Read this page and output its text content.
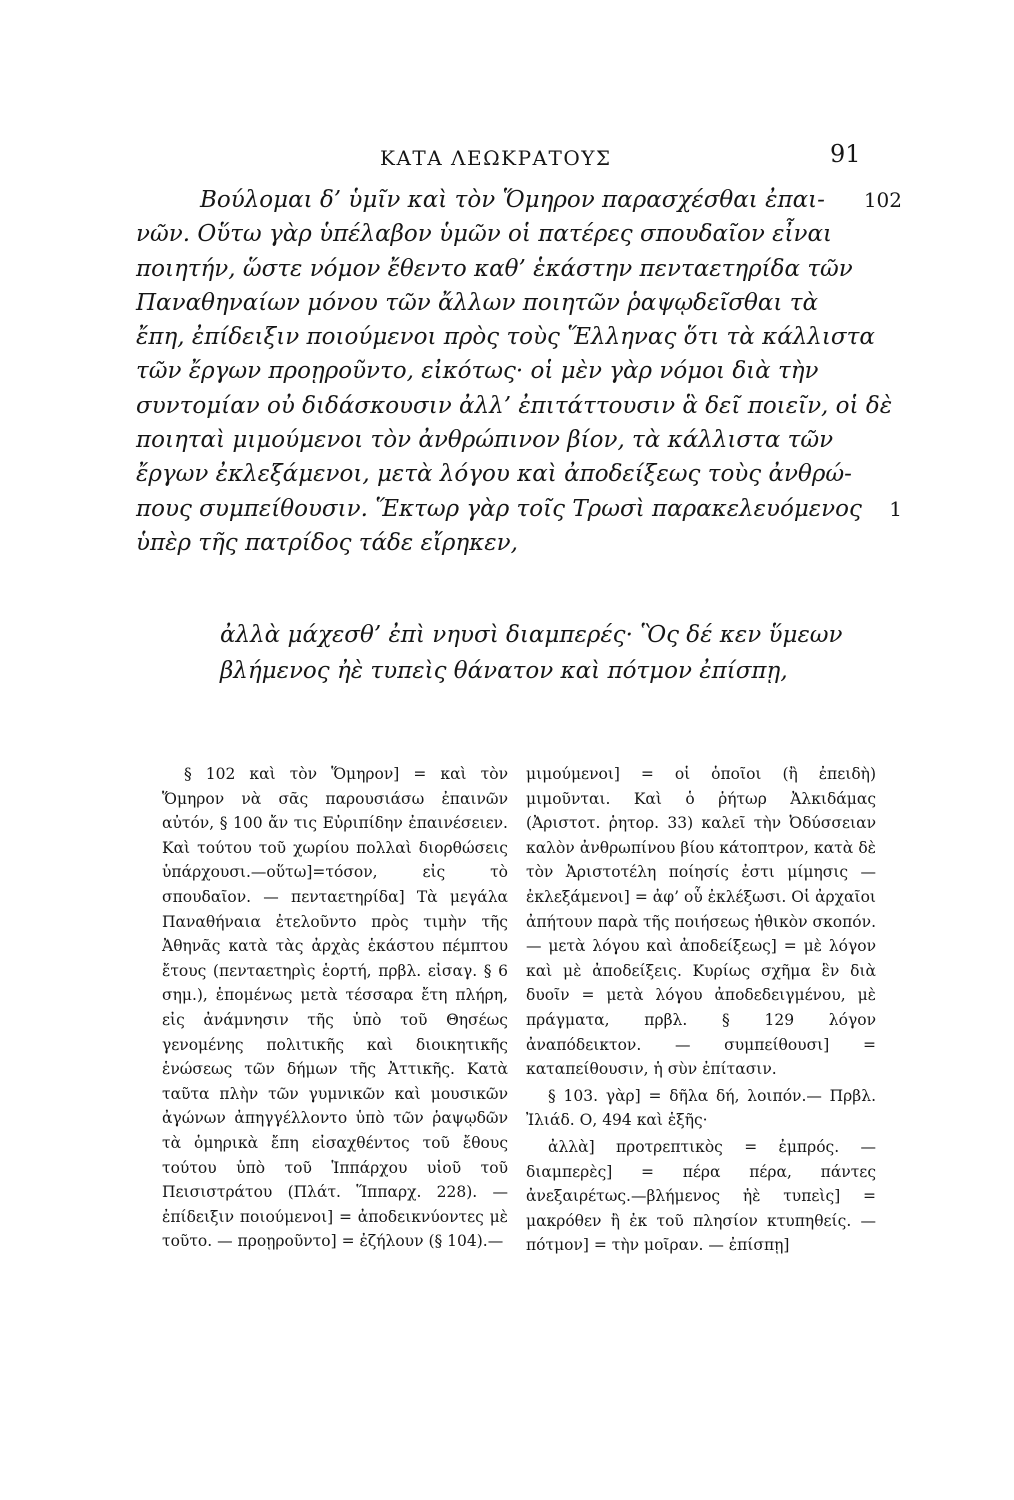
ΚΑΤΑ ΛΕΩΚΡΑΤΟΥΣ	91
Βούλομαι δ’ ὑμῖν καὶ τὸν Ὅμηρον παρασχέσθαι ἐπαι- 102
νῶν. Οὕτω γὰρ ὑπέλαβον ὑμῶν οἱ πατέρες σπουδαῖον εἶναι
ποιητήν, ὥστε νόμον ἔθεντο καθ’ ἑκάστην πενταετηρίδα τῶν
Παναθηναίων μόνου τῶν ἄλλων ποιητῶν ῥαψῳδεῖσθαι τὰ
ἔπη, ἐπίδειξιν ποιούμενοι πρὸς τοὺς Ἕλληνας ὅτι τὰ κάλλιστα
τῶν ἔργων προῃροῦντο, εἰκότως· οἱ μὲν γὰρ νόμοι διὰ τὴν
συντομίαν οὐ διδάσκουσιν ἀλλ’ ἐπιτάττουσιν ἃ δεῖ ποιεῖν, οἱ δὲ
ποιηταὶ μιμούμενοι τὸν ἀνθρώπινον βίον, τὰ κάλλιστα τῶν
ἔργων ἐκλεξάμενοι, μετὰ λόγου καὶ ἀποδείξεως τοὺς ἀνθρώ-
πους συμπείθουσιν. Ἕκτωρ γὰρ τοῖς Τρωσὶ παρακελευόμενος 1
ὑπὲρ τῆς πατρίδος τάδε εἴρηκεν,
ἀλλὰ μάχεσθ’ ἐπὶ νηυσὶ διαμπερές· Ὃς δέ κεν ὕμεων
βλήμενος ἠὲ τυπεὶς θάνατον καὶ πότμον ἐπίσπῃ,

§ 102 καὶ τὸν Ὅμηρον] = καὶ τὸν Ὅμηρον νὰ σᾶς παρουσιάσω ἐπαινῶν αὐτόν, § 100 ἄν τις Εὐριπίδην ἐπαινέσειεν. Καὶ τούτου τοῦ χωρίου πολλαὶ διορθώσεις ὑπάρχουσι.—οὕτω]=τόσον, εἰς τὸ σπουδαῖον. — πενταετηρίδα] Τὰ μεγάλα Παναθήναια ἐτελοῦντο πρὸς τιμὴν τῆς Ἀθηνᾶς κατὰ τὰς ἀρχὰς ἑκάστου πέμπτου ἔτους (πενταετηρὶς ἑορτή, πρβλ. εἰσαγ. § 6 σημ.), ἑπομένως μετὰ τέσσαρα ἔτη πλήρη, εἰς ἀνάμνησιν τῆς ὑπὸ τοῦ Θησέως γενομένης πολιτικῆς καὶ διοικητικῆς ἑνώσεως τῶν δήμων τῆς Ἀττικῆς. Κατὰ ταῦτα πλὴν τῶν γυμνικῶν καὶ μουσικῶν ἀγώνων ἀπηγγέλλοντο ὑπὸ τῶν ῥαψῳδῶν τὰ ὁμηρικὰ ἔπη εἰσαχθέντος τοῦ ἔθους τούτου ὑπὸ τοῦ Ἱππάρχου υἱοῦ τοῦ Πεισιστράτου (Πλάτ. Ἵππαρχ. 228). — ἐπίδειξιν ποιούμενοι] = ἀποδεικνύοντες μὲ τοῦτο. — προῃροῦντο] = ἐζήλουν (§ 104).—

μιμούμενοι] = οἱ ὁποῖοι (ἢ ἐπειδὴ) μιμοῦνται. Καὶ ὁ ῥήτωρ Ἀλκιδάμας (Ἀριστοτ. ῥητορ. 33) καλεῖ τὴν Ὀδύσσειαν καλὸν ἀνθρωπίνου βίου κάτοπτρον, κατὰ δὲ τὸν Ἀριστοτέλη ποίησίς ἐστι μίμησις —ἐκλεξάμενοι] = ἀφ’ οὗ ἐκλέξωσι. Οἱ ἀρχαῖοι ἀπήτουν παρὰ τῆς ποιήσεως ἠθικὸν σκοπόν. — μετὰ λόγου καὶ ἀποδείξεως] = μὲ λόγον καὶ μὲ ἀποδείξεις. Κυρίως σχῆμα ἓν διὰ δυοῖν = μετὰ λόγου ἀποδεδειγμένου, μὲ πράγματα, πρβλ. § 129 λόγον ἀναπόδεικτον. — συμπείθουσι] = καταπείθουσιν, ἡ σὺν ἐπίτασιν.

§ 103. γὰρ] = δῆλα δή, λοιπόν.— Πρβλ. Ἰλιάδ. Ο, 494 καὶ ἑξῆς·

ἀλλὰ] προτρεπτικὸς = ἐμπρός. — διαμπερὲς] = πέρα πέρα, πάντες ἀνεξαιρέτως.—βλήμενος ἠὲ τυπεὶς] = μακρόθεν ἢ ἐκ τοῦ πλησίον κτυπηθείς. — πότμον] = τὴν μοῖραν. — ἐπίσπῃ]
